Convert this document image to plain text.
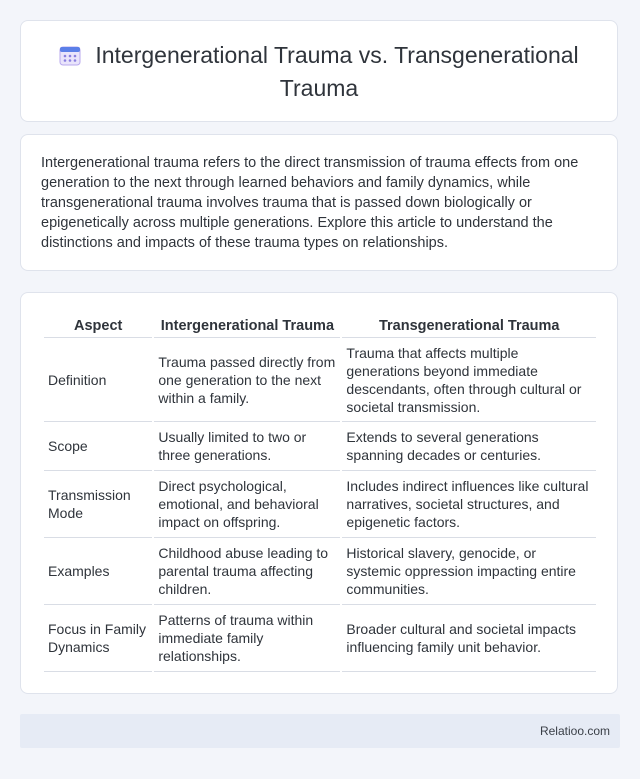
Intergenerational Trauma vs. Transgenerational
Trauma

Intergenerational trauma refers to the direct transmission of trauma effects from one generation to the next through learned behaviors and family dynamics, while transgenerational trauma involves trauma that is passed down biologically or epigenetically across multiple generations. Explore this article to understand the distinctions and impacts of these trauma types on relationships.

Aspect	Intergenerational Trauma	Transgenerational Trauma
Definition	Trauma passed directly from one generation to the next within a family.	Trauma that affects multiple generations beyond immediate descendants, often through cultural or societal transmission.
Scope	Usually limited to two or three generations.	Extends to several generations spanning decades or centuries.
Transmission Mode	Direct psychological, emotional, and behavioral impact on offspring.	Includes indirect influences like cultural narratives, societal structures, and epigenetic factors.
Examples	Childhood abuse leading to parental trauma affecting children.	Historical slavery, genocide, or systemic oppression impacting entire communities.
Focus in Family Dynamics	Patterns of trauma within immediate family relationships.	Broader cultural and societal impacts influencing family unit behavior.
Relatioo.com
